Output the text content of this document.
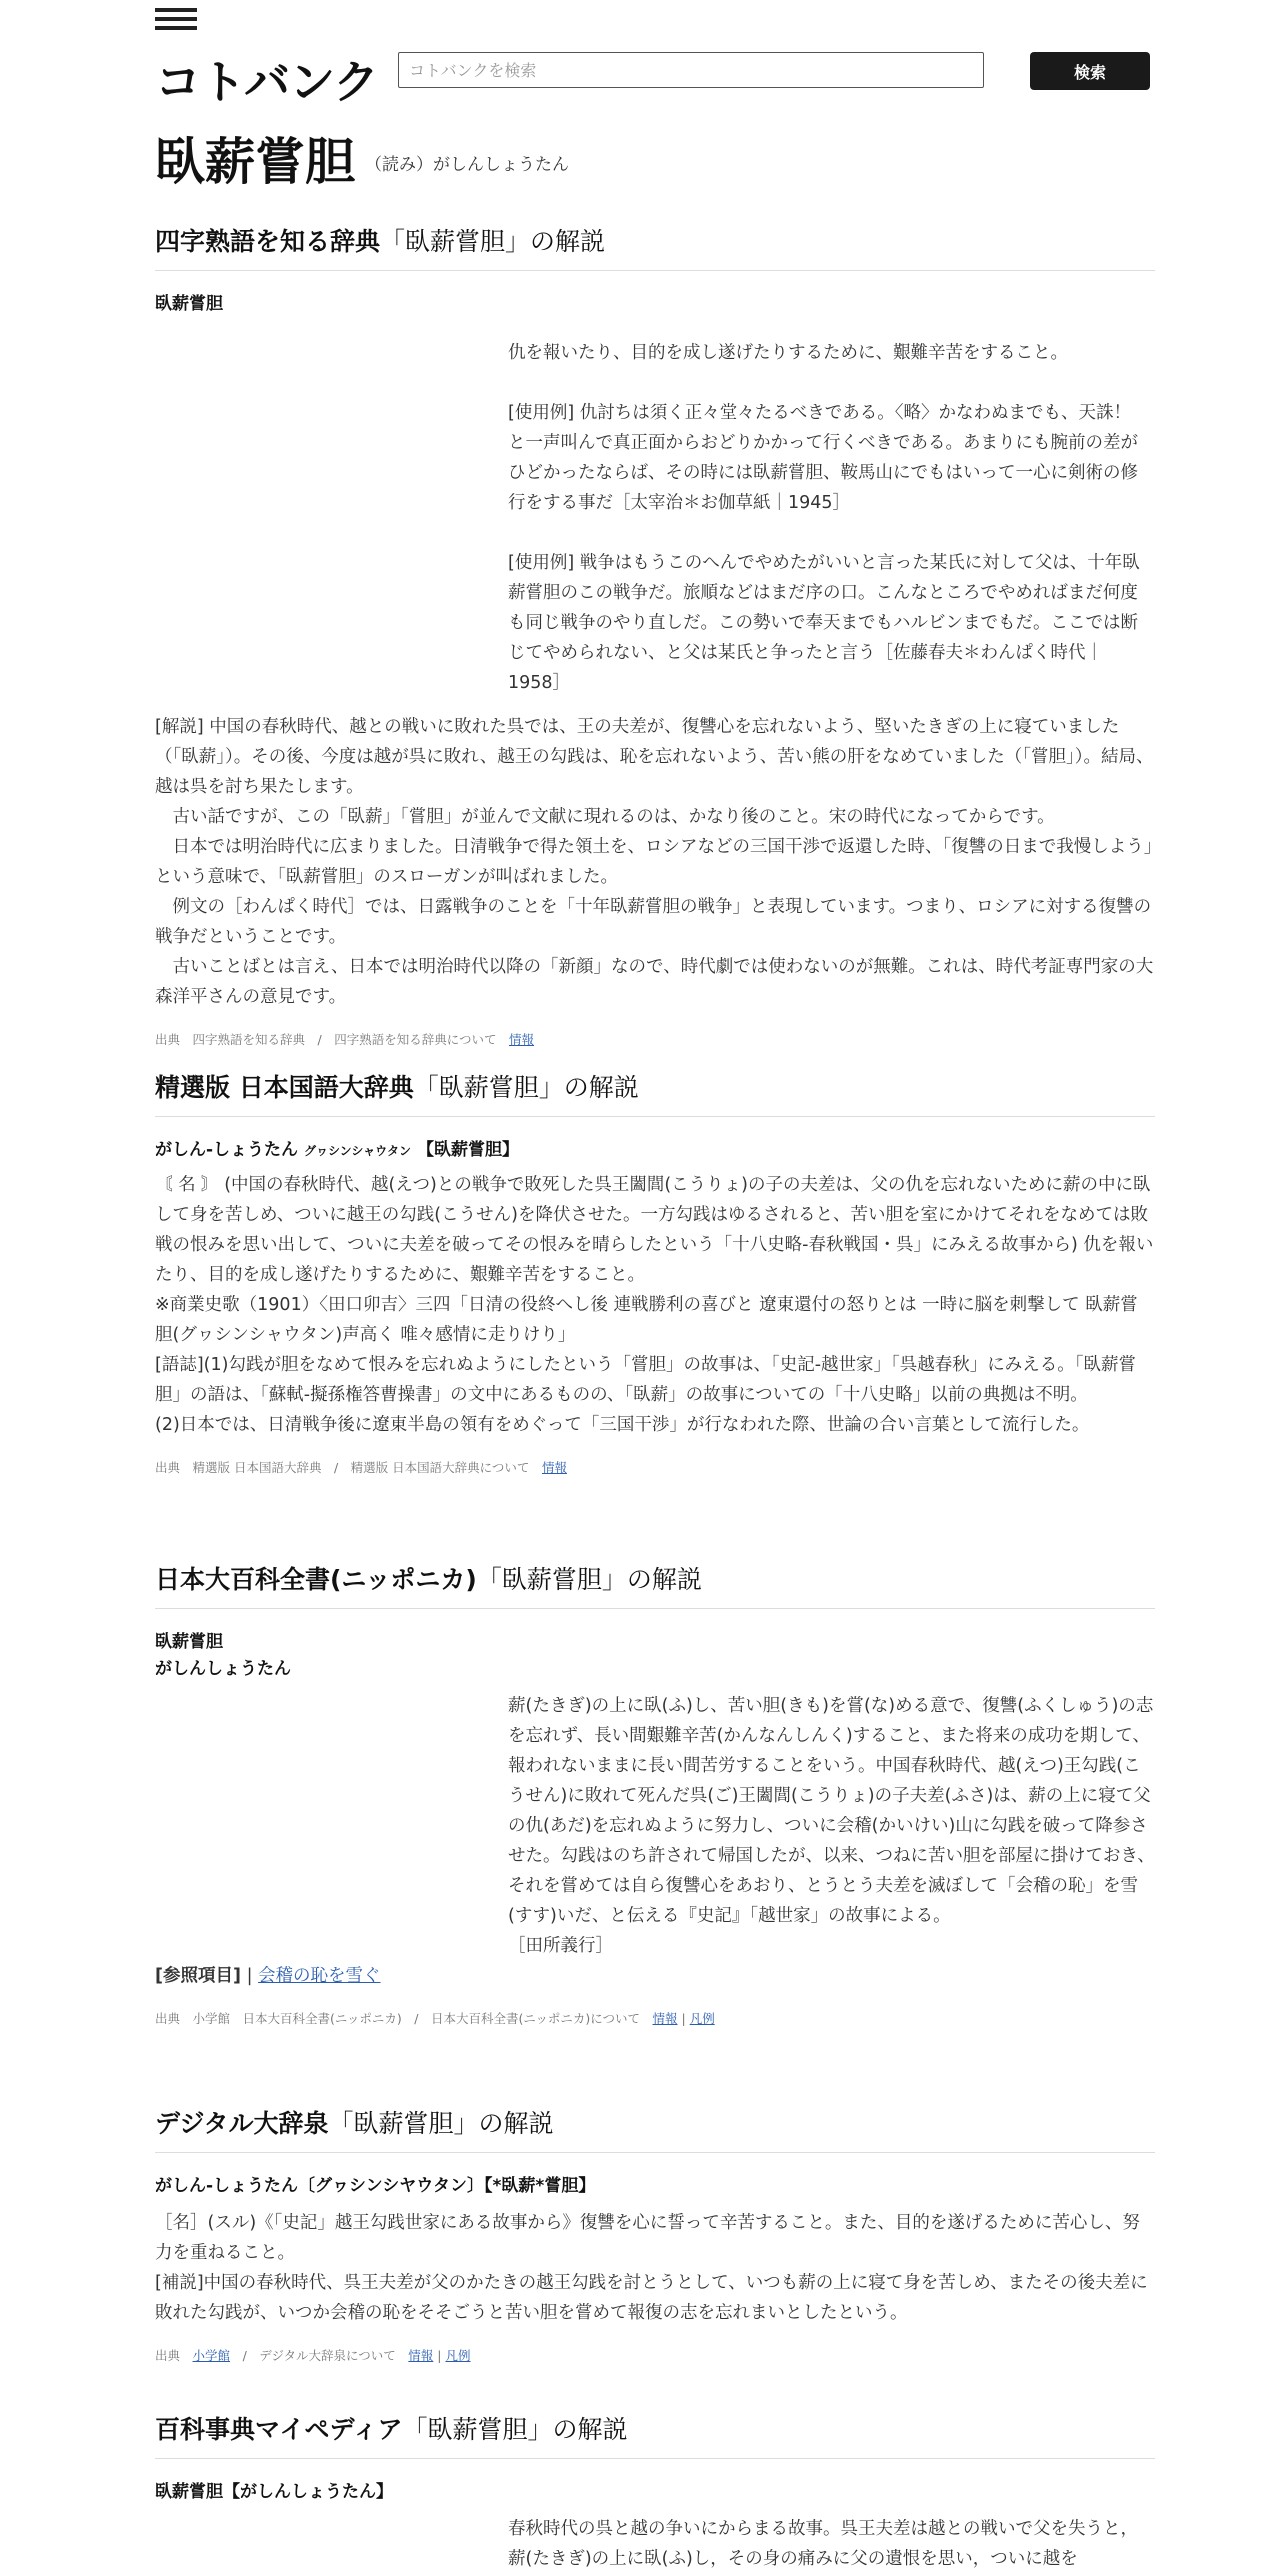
コトバンク
コトバンクを検索	検索
臥薪嘗胆 （読み）がしんしょうたん
四字熟語を知る辞典「臥薪嘗胆」の解説
臥薪嘗胆

仇を報いたり、目的を成し遂げたりするために、艱難辛苦をすること。

[使用例] 仇討ちは須く正々堂々たるべきである。〈略〉かなわぬまでも、天誅！　と一声叫んで真正面からおどりかかって行くべきである。あまりにも腕前の差がひどかったならば、その時には臥薪嘗胆、鞍馬山にでもはいって一心に剣術の修行をする事だ［太宰治＊お伽草紙｜1945］

[使用例] 戦争はもうこのへんでやめたがいいと言った某氏に対して父は、十年臥薪嘗胆のこの戦争だ。旅順などはまだ序の口。こんなところでやめればまだ何度も同じ戦争のやり直しだ。この勢いで奉天までもハルビンまでもだ。ここでは断じてやめられない、と父は某氏と争ったと言う［佐藤春夫＊わんぱく時代｜1958］

[解説] 中国の春秋時代、越との戦いに敗れた呉では、王の夫差が、復讐心を忘れないよう、堅いたきぎの上に寝ていました（「臥薪」）。その後、今度は越が呉に敗れ、越王の勾践は、恥を忘れないよう、苦い熊の肝をなめていました（「嘗胆」）。結局、越は呉を討ち果たします。

　古い話ですが、この「臥薪」「嘗胆」が並んで文献に現れるのは、かなり後のこと。宋の時代になってからです。

　日本では明治時代に広まりました。日清戦争で得た領土を、ロシアなどの三国干渉で返還した時、「復讐の日まで我慢しよう」という意味で、「臥薪嘗胆」のスローガンが叫ばれました。

　例文の［わんぱく時代］では、日露戦争のことを「十年臥薪嘗胆の戦争」と表現しています。つまり、ロシアに対する復讐の戦争だということです。

　古いことばとは言え、日本では明治時代以降の「新顔」なので、時代劇では使わないのが無難。これは、時代考証専門家の大森洋平さんの意見です。

出典　四字熟語を知る辞典　/　四字熟語を知る辞典について　 情報
精選版 日本国語大辞典「臥薪嘗胆」の解説
がしん‐しょうたん グヮシンシャウタン 【臥薪嘗胆】

〘 名 〙 (中国の春秋時代、越(えつ)との戦争で敗死した呉王闔閭(こうりょ)の子の夫差は、父の仇を忘れないために薪の中に臥して身を苦しめ、ついに越王の勾践(こうせん)を降伏させた。一方勾践はゆるされると、苦い胆を室にかけてそれをなめては敗戦の恨みを思い出して、ついに夫差を破ってその恨みを晴らしたという「十八史略‐春秋戦国・呉」にみえる故事から) 仇を報いたり、目的を成し遂げたりするために、艱難辛苦をすること。

※商業史歌（1901）〈田口卯吉〉三四「日清の役終へし後 連戦勝利の喜びと 遼東還付の怒りとは 一時に脳を刺撃して 臥薪嘗胆(グヮシンシャウタン)声高く 唯々感情に走りけり」

[語誌](1)勾践が胆をなめて恨みを忘れぬようにしたという「嘗胆」の故事は、「史記‐越世家」「呉越春秋」にみえる。「臥薪嘗胆」の語は、「蘇軾‐擬孫権答曹操書」の文中にあるものの、「臥薪」の故事についての「十八史略」以前の典拠は不明。

(2)日本では、日清戦争後に遼東半島の領有をめぐって「三国干渉」が行なわれた際、世論の合い言葉として流行した。

出典　精選版 日本国語大辞典　/　精選版 日本国語大辞典について　 情報
日本大百科全書(ニッポニカ)「臥薪嘗胆」の解説
臥薪嘗胆
がしんしょうたん

薪(たきぎ)の上に臥(ふ)し、苦い胆(きも)を嘗(な)める意で、復讐(ふくしゅう)の志を忘れず、長い間艱難辛苦(かんなんしんく)すること、また将来の成功を期して、報われないままに長い間苦労することをいう。中国春秋時代、越(えつ)王勾践(こうせん)に敗れて死んだ呉(ご)王闔閭(こうりょ)の子夫差(ふさ)は、薪の上に寝て父の仇(あだ)を忘れぬように努力し、ついに会稽(かいけい)山に勾践を破って降参させた。勾践はのち許されて帰国したが、以来、つねに苦い胆を部屋に掛けておき、それを嘗めては自ら復讐心をあおり、とうとう夫差を滅ぼして「会稽の恥」を雪(すす)いだ、と伝える『史記』「越世家」の故事による。

［田所義行］

[参照項目] | 会稽の恥を雪ぐ

出典　小学館　日本大百科全書(ニッポニカ)　/　日本大百科全書(ニッポニカ)について　 情報 | 凡例
デジタル大辞泉「臥薪嘗胆」の解説
がしん‐しょうたん〔グヮシンシヤウタン〕【*臥薪*嘗胆】

［名］(スル)《「史記」越王勾践世家にある故事から》復讐を心に誓って辛苦すること。また、目的を遂げるために苦心し、努力を重ねること。

[補説]中国の春秋時代、呉王夫差が父のかたきの越王勾践を討とうとして、いつも薪の上に寝て身を苦しめ、またその後夫差に敗れた勾践が、いつか会稽の恥をそそごうと苦い胆を嘗めて報復の志を忘れまいとしたという。

出典　 小学館　 /　デジタル大辞泉について　 情報 | 凡例
百科事典マイペディア「臥薪嘗胆」の解説
臥薪嘗胆【がしんしょうたん】

春秋時代の呉と越の争いにからまる故事。呉王夫差は越との戦いで父を失うと，薪(たきぎ)の上に臥(ふ)し，その身の痛みに父の遺恨を思い，ついに越を
